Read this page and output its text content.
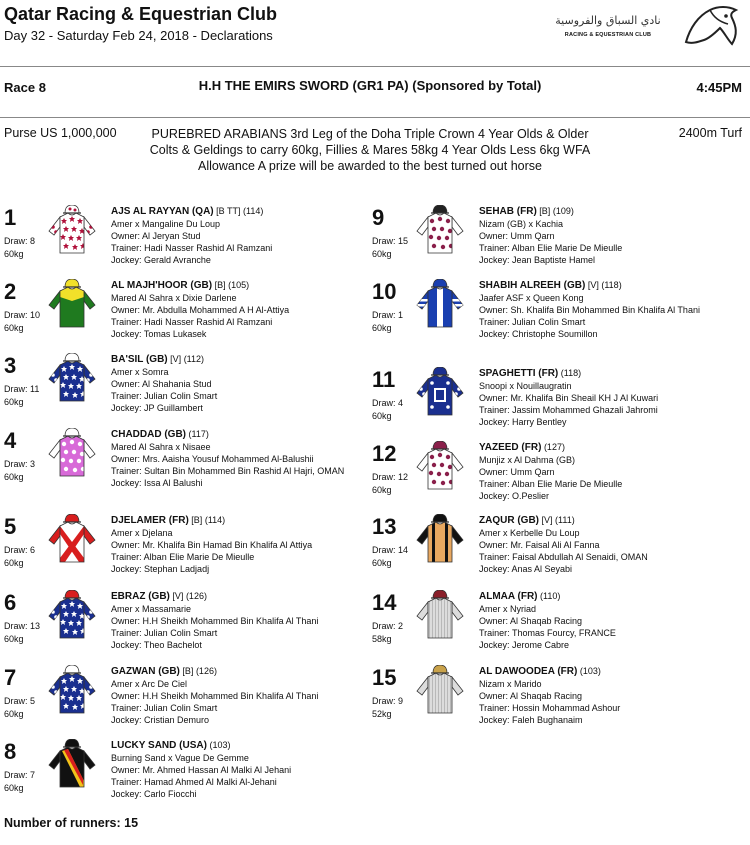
Qatar Racing & Equestrian Club
Day 32 - Saturday Feb 24, 2018 - Declarations
نادي السباق والفروسية
RACING & EQUESTRIAN CLUB
Race 8	H.H THE EMIRS SWORD (GR1 PA) (Sponsored by Total)	4:45PM
Purse US 1,000,000	PUREBRED ARABIANS 3rd Leg of the Doha Triple Crown 4 Year Olds & Older Colts & Geldings to carry 60kg, Fillies & Mares 58kg 4 Year Olds Less 6kg WFA Allowance A prize will be awarded to the best turned out horse
2400m Turf
1
Draw: 8
60kg
AJS AL RAYYAN (QA) [B TT] (114)
Amer x Mangaline Du Loup
Owner: Al Jeryan Stud
Trainer: Hadi Nasser Rashid Al Ramzani
Jockey: Gerald Avranche
2
Draw: 10
60kg
AL MAJH'HOOR (GB) [B] (105)
Mared Al Sahra x Dixie Darlene
Owner: Mr. Abdulla Mohammed A H Al-Attiya
Trainer: Hadi Nasser Rashid Al Ramzani
Jockey: Tomas Lukasek
3
Draw: 11
60kg
BA'SIL (GB) [V] (112)
Amer x Somra
Owner: Al Shahania Stud
Trainer: Julian Colin Smart
Jockey: JP Guillambert
4
Draw: 3
60kg
CHADDAD (GB) (117)
Mared Al Sahra x Nisaee
Owner: Mrs. Aaisha Yousuf Mohammed Al-Balushii
Trainer: Sultan Bin Mohammed Bin Rashid Al Hajri, OMAN
Jockey: Issa Al Balushi
5
Draw: 6
60kg
DJELAMER (FR) [B] (114)
Amer x Djelana
Owner: Mr. Khalifa Bin Hamad Bin Khalifa Al Attiya
Trainer: Alban Elie Marie De Mieulle
Jockey: Stephan Ladjadj
6
Draw: 13
60kg
EBRAZ (GB) [V] (126)
Amer x Massamarie
Owner: H.H Sheikh Mohammed Bin Khalifa Al Thani
Trainer: Julian Colin Smart
Jockey: Theo Bachelot
7
Draw: 5
60kg
GAZWAN (GB) [B] (126)
Amer x Arc De Ciel
Owner: H.H Sheikh Mohammed Bin Khalifa Al Thani
Trainer: Julian Colin Smart
Jockey: Cristian Demuro
8
Draw: 7
60kg
LUCKY SAND (USA) (103)
Burning Sand x Vague De Gemme
Owner: Mr. Ahmed Hassan Al Malki Al Jehani
Trainer: Hamad Ahmed Al Malki Al-Jehani
Jockey: Carlo Fiocchi
9
Draw: 15
60kg
SEHAB (FR) [B] (109)
Nizam (GB) x Kachia
Owner: Umm Qarn
Trainer: Alban Elie Marie De Mieulle
Jockey: Jean Baptiste Hamel
10
Draw: 1
60kg
SHABIH ALREEH (GB) [V] (118)
Jaafer ASF x Queen Kong
Owner: Sh. Khalifa Bin Mohammed Bin Khalifa Al Thani
Trainer: Julian Colin Smart
Jockey: Christophe Soumillon
11
Draw: 4
60kg
SPAGHETTI (FR) (118)
Snoopi x Nouillaugratin
Owner: Mr. Khalifa Bin Sheail KH J Al Kuwari
Trainer: Jassim Mohammed Ghazali Jahromi
Jockey: Harry Bentley
12
Draw: 12
60kg
YAZEED (FR) (127)
Munjiz x Al Dahma (GB)
Owner: Umm Qarn
Trainer: Alban Elie Marie De Mieulle
Jockey: O.Peslier
13
Draw: 14
60kg
ZAQUR (GB) [V] (111)
Amer x Kerbelle Du Loup
Owner: Mr. Faisal Ali Al Fanna
Trainer: Faisal Abdullah Al Senaidi, OMAN
Jockey: Anas Al Seyabi
14
Draw: 2
58kg
ALMAA (FR) (110)
Amer x Nyriad
Owner: Al Shaqab Racing
Trainer: Thomas Fourcy, FRANCE
Jockey: Jerome Cabre
15
Draw: 9
52kg
AL DAWOODEA (FR) (103)
Nizam x Marido
Owner: Al Shaqab Racing
Trainer: Hossin Mohammad Ashour
Jockey: Faleh Bughanaim
Number of runners: 15
